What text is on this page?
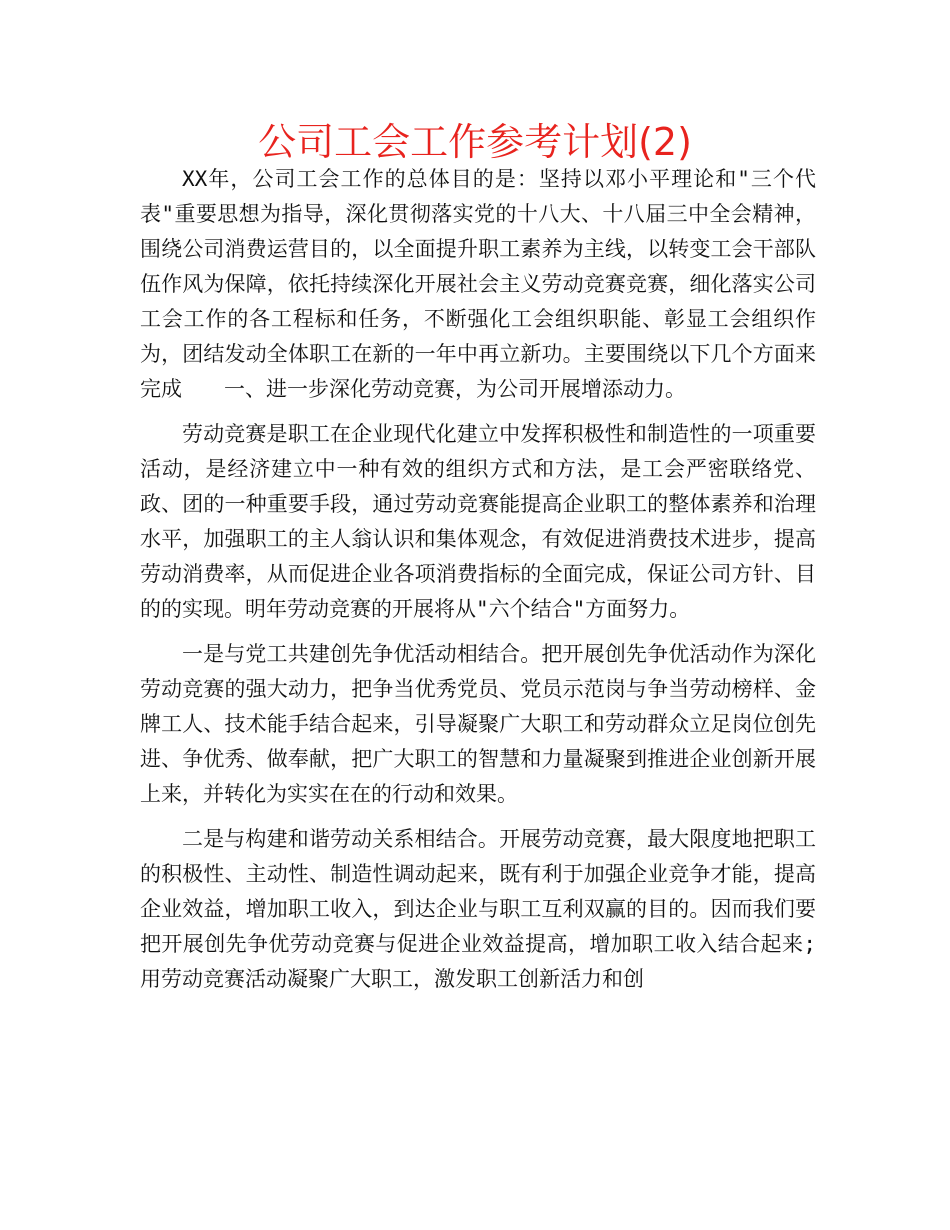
公司工会工作参考计划(2)

XX年，公司工会工作的总体目的是：坚持以邓小平理论和"三个代表"重要思想为指导，深化贯彻落实党的十八大、十八届三中全会精神，围绕公司消费运营目的，以全面提升职工素养为主线，以转变工会干部队伍作风为保障，依托持续深化开展社会主义劳动竞赛竞赛，细化落实公司工会工作的各工程标和任务，不断强化工会组织职能、彰显工会组织作为，团结发动全体职工在新的一年中再立新功。主要围绕以下几个方面来完成　　一、进一步深化劳动竞赛，为公司开展增添动力。

劳动竞赛是职工在企业现代化建立中发挥积极性和制造性的一项重要活动，是经济建立中一种有效的组织方式和方法，是工会严密联络党、政、团的一种重要手段，通过劳动竞赛能提高企业职工的整体素养和治理水平，加强职工的主人翁认识和集体观念，有效促进消费技术进步，提高劳动消费率，从而促进企业各项消费指标的全面完成，保证公司方针、目的的实现。明年劳动竞赛的开展将从"六个结合"方面努力。

一是与党工共建创先争优活动相结合。把开展创先争优活动作为深化劳动竞赛的强大动力，把争当优秀党员、党员示范岗与争当劳动榜样、金牌工人、技术能手结合起来，引导凝聚广大职工和劳动群众立足岗位创先进、争优秀、做奉献，把广大职工的智慧和力量凝聚到推进企业创新开展上来，并转化为实实在在的行动和效果。

二是与构建和谐劳动关系相结合。开展劳动竞赛，最大限度地把职工的积极性、主动性、制造性调动起来，既有利于加强企业竞争才能，提高企业效益，增加职工收入，到达企业与职工互利双赢的目的。因而我们要把开展创先争优劳动竞赛与促进企业效益提高，增加职工收入结合起来;用劳动竞赛活动凝聚广大职工，激发职工创新活力和创
